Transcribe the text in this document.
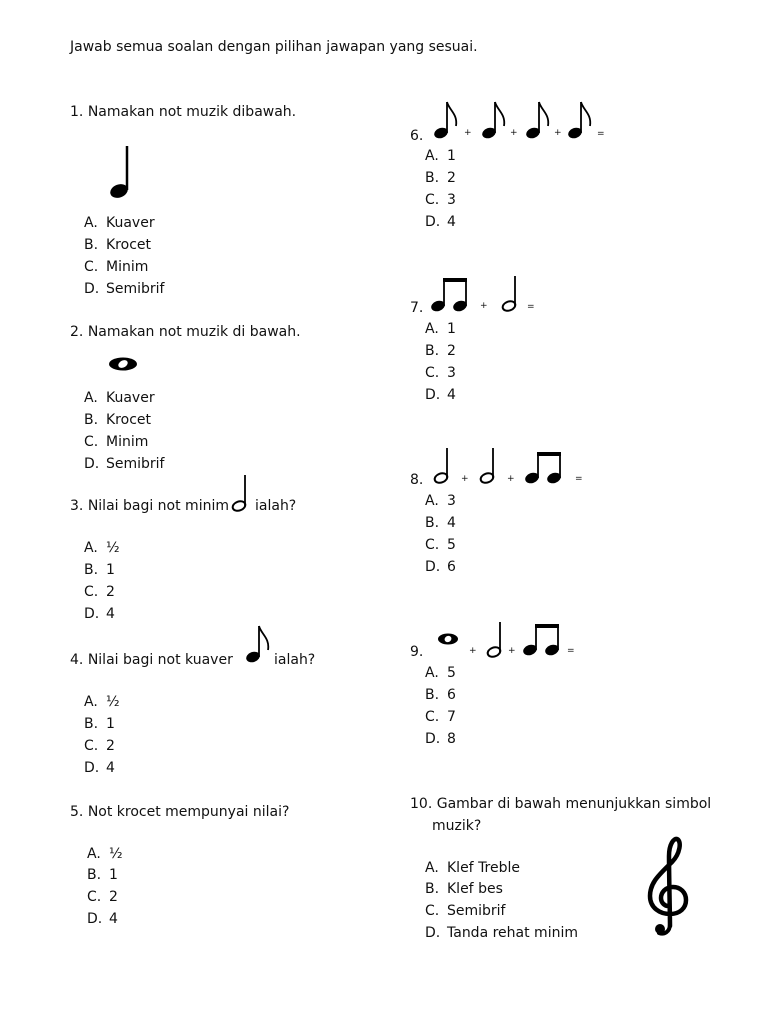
Jawab semua soalan dengan pilihan jawapan yang sesuai.
1. Namakan not muzik dibawah.
A. Kuaver
B. Krocet
C. Minim
D. Semibrif
2. Namakan not muzik di bawah.
A. Kuaver
B. Krocet
C. Minim
D. Semibrif
3. Nilai bagi not minim ialah?
A. ½
B. 1
C. 2
D. 4
4. Nilai bagi not kuaver	ialah?
A. ½
B. 1
C. 2
D. 4
5. Not krocet mempunyai nilai?
A. ½
B. 1
C. 2
D. 4
6.	+	+	+	=
A. 1
B. 2
C. 3
D. 4
7.	+	=
A. 1
B. 2
C. 3
D. 4
8.	+	+	=
A. 3
B. 4
C. 5
D. 6
9.	+	+	=
A. 5
B. 6
C. 7
D. 8
10. Gambar di bawah menunjukkan simbol
muzik?
A. Klef Treble
B. Klef bes
C. Semibrif
D. Tanda rehat minim
